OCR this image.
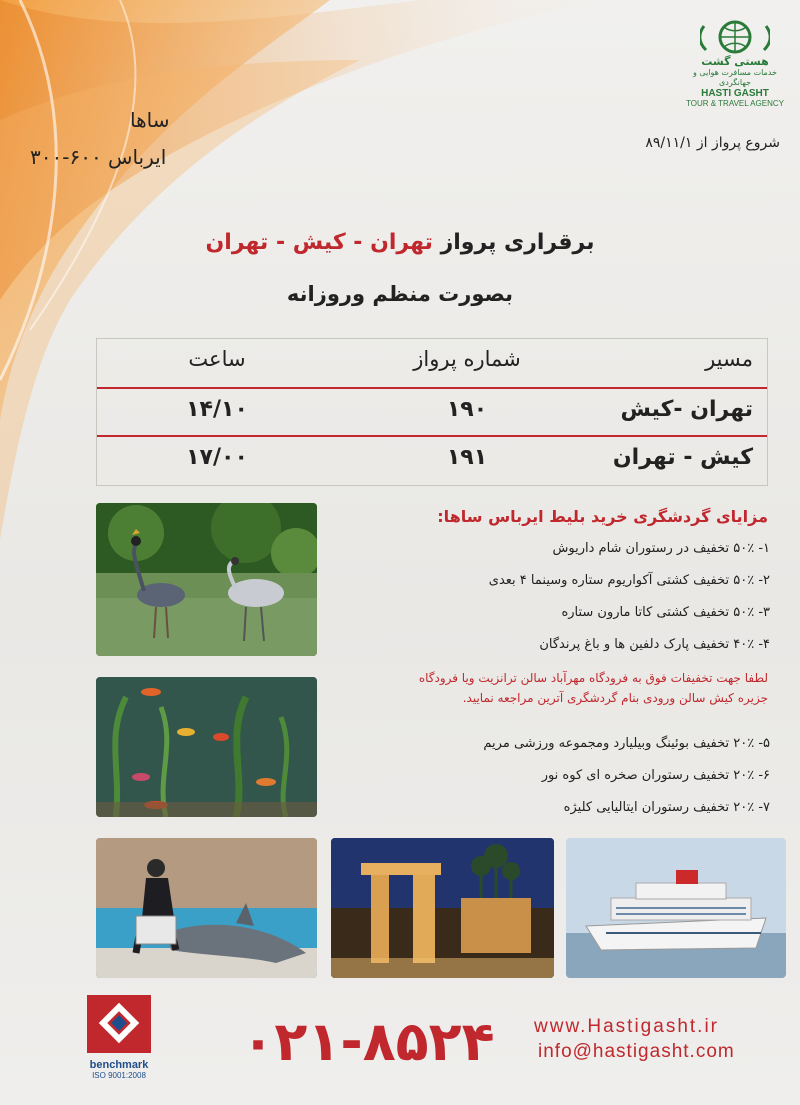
هستی گشت
خدمات مسافرت هوایی و جهانگردی
HASTI GASHT
TOUR & TRAVEL AGENCY
ساها
ایرباس ۶۰۰-۳۰۰
شروع پرواز از ۸۹/۱۱/۱
برقراری پرواز تهران - کیش - تهران
بصورت منظم وروزانه
مسیر
شماره پرواز
ساعت
تهران -کیش
۱۹۰
۱۴/۱۰
کیش - تهران
۱۹۱
۱۷/۰۰
مزایای گردشگری خرید بلیط ایرباس ساها:
۱- ۵۰٪ تخفیف در رستوران شام داریوش
۲- ۵۰٪ تخفیف کشتی آکواریوم ستاره وسینما ۴ بعدی
۳- ۵۰٪ تخفیف کشتی کاتا مارون ستاره
۴- ۴۰٪ تخفیف پارک دلفین ها و باغ پرندگان
لطفا جهت تخفیفات فوق به فرودگاه مهرآباد سالن ترانزیت ویا فرودگاه
جزیره کیش سالن ورودی بنام گردشگری آترین مراجعه نمایید.
۵- ۲۰٪ تخفیف بوئینگ وبیلیارد ومجموعه ورزشی مریم
۶- ۲۰٪ تخفیف رستوران صخره ای کوه نور
۷- ۲۰٪ تخفیف رستوران ایتالیایی کلیژه
benchmark
ISO 9001:2008
۰۲۱-۸۵۲۴	www.Hastigasht.ir
info@hastigasht.com
